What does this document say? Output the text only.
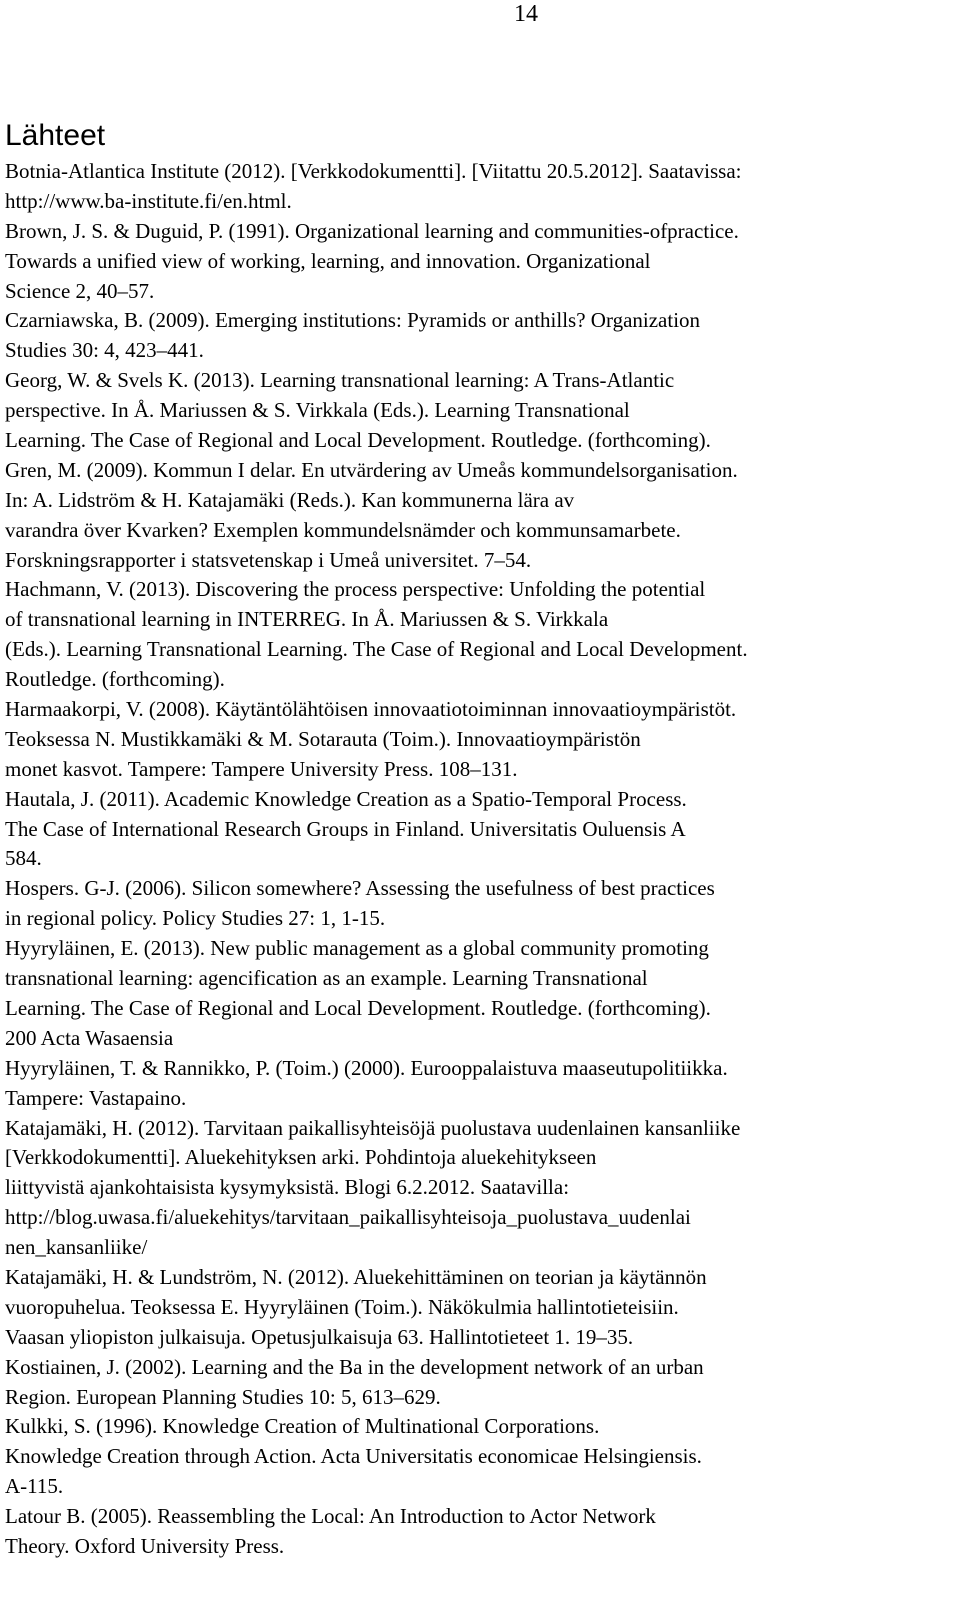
14
Lähteet
Botnia-Atlantica Institute (2012). [Verkkodokumentti]. [Viitattu 20.5.2012]. Saatavissa:
http://www.ba-institute.fi/en.html.
Brown, J. S. & Duguid, P. (1991). Organizational learning and communities-ofpractice.
Towards a unified view of working, learning, and innovation. Organizational
Science 2, 40–57.
Czarniawska, B. (2009). Emerging institutions: Pyramids or anthills? Organization
Studies 30: 4, 423–441.
Georg, W. & Svels K. (2013). Learning transnational learning: A Trans-Atlantic
perspective. In Å. Mariussen & S. Virkkala (Eds.). Learning Transnational
Learning. The Case of Regional and Local Development. Routledge. (forthcoming).
Gren, M. (2009). Kommun I delar. En utvärdering av Umeås kommundelsorganisation.
In: A. Lidström & H. Katajamäki (Reds.). Kan kommunerna lära av
varandra över Kvarken? Exemplen kommundelsnämder och kommunsamarbete.
Forskningsrapporter i statsvetenskap i Umeå universitet. 7–54.
Hachmann, V. (2013). Discovering the process perspective: Unfolding the potential
of transnational learning in INTERREG. In Å. Mariussen & S. Virkkala
(Eds.). Learning Transnational Learning. The Case of Regional and Local Development.
Routledge. (forthcoming).
Harmaakorpi, V. (2008). Käytäntölähtöisen innovaatiotoiminnan innovaatioympäristöt.
Teoksessa N. Mustikkamäki & M. Sotarauta (Toim.). Innovaatioympäristön
monet kasvot. Tampere: Tampere University Press. 108–131.
Hautala, J. (2011). Academic Knowledge Creation as a Spatio-Temporal Process.
The Case of International Research Groups in Finland. Universitatis Ouluensis A
584.
Hospers. G-J. (2006). Silicon somewhere? Assessing the usefulness of best practices
in regional policy. Policy Studies 27: 1, 1-15.
Hyyryläinen, E. (2013). New public management as a global community promoting
transnational learning: agencification as an example. Learning Transnational
Learning. The Case of Regional and Local Development. Routledge. (forthcoming).
200 Acta Wasaensia
Hyyryläinen, T. & Rannikko, P. (Toim.) (2000). Eurooppalaistuva maaseutupolitiikka.
Tampere: Vastapaino.
Katajamäki, H. (2012). Tarvitaan paikallisyhteisöjä puolustava uudenlainen kansanliike
[Verkkodokumentti]. Aluekehityksen arki. Pohdintoja aluekehitykseen
liittyvistä ajankohtaisista kysymyksistä. Blogi 6.2.2012. Saatavilla:
http://blog.uwasa.fi/aluekehitys/tarvitaan_paikallisyhteisoja_puolustava_uudenlai
nen_kansanliike/
Katajamäki, H. & Lundström, N. (2012). Aluekehittäminen on teorian ja käytännön
vuoropuhelua. Teoksessa E. Hyyryläinen (Toim.). Näkökulmia hallintotieteisiin.
Vaasan yliopiston julkaisuja. Opetusjulkaisuja 63. Hallintotieteet 1. 19–35.
Kostiainen, J. (2002). Learning and the Ba in the development network of an urban
Region. European Planning Studies 10: 5, 613–629.
Kulkki, S. (1996). Knowledge Creation of Multinational Corporations.
Knowledge Creation through Action. Acta Universitatis economicae Helsingiensis.
A-115.
Latour B. (2005). Reassembling the Local: An Introduction to Actor Network
Theory. Oxford University Press.
